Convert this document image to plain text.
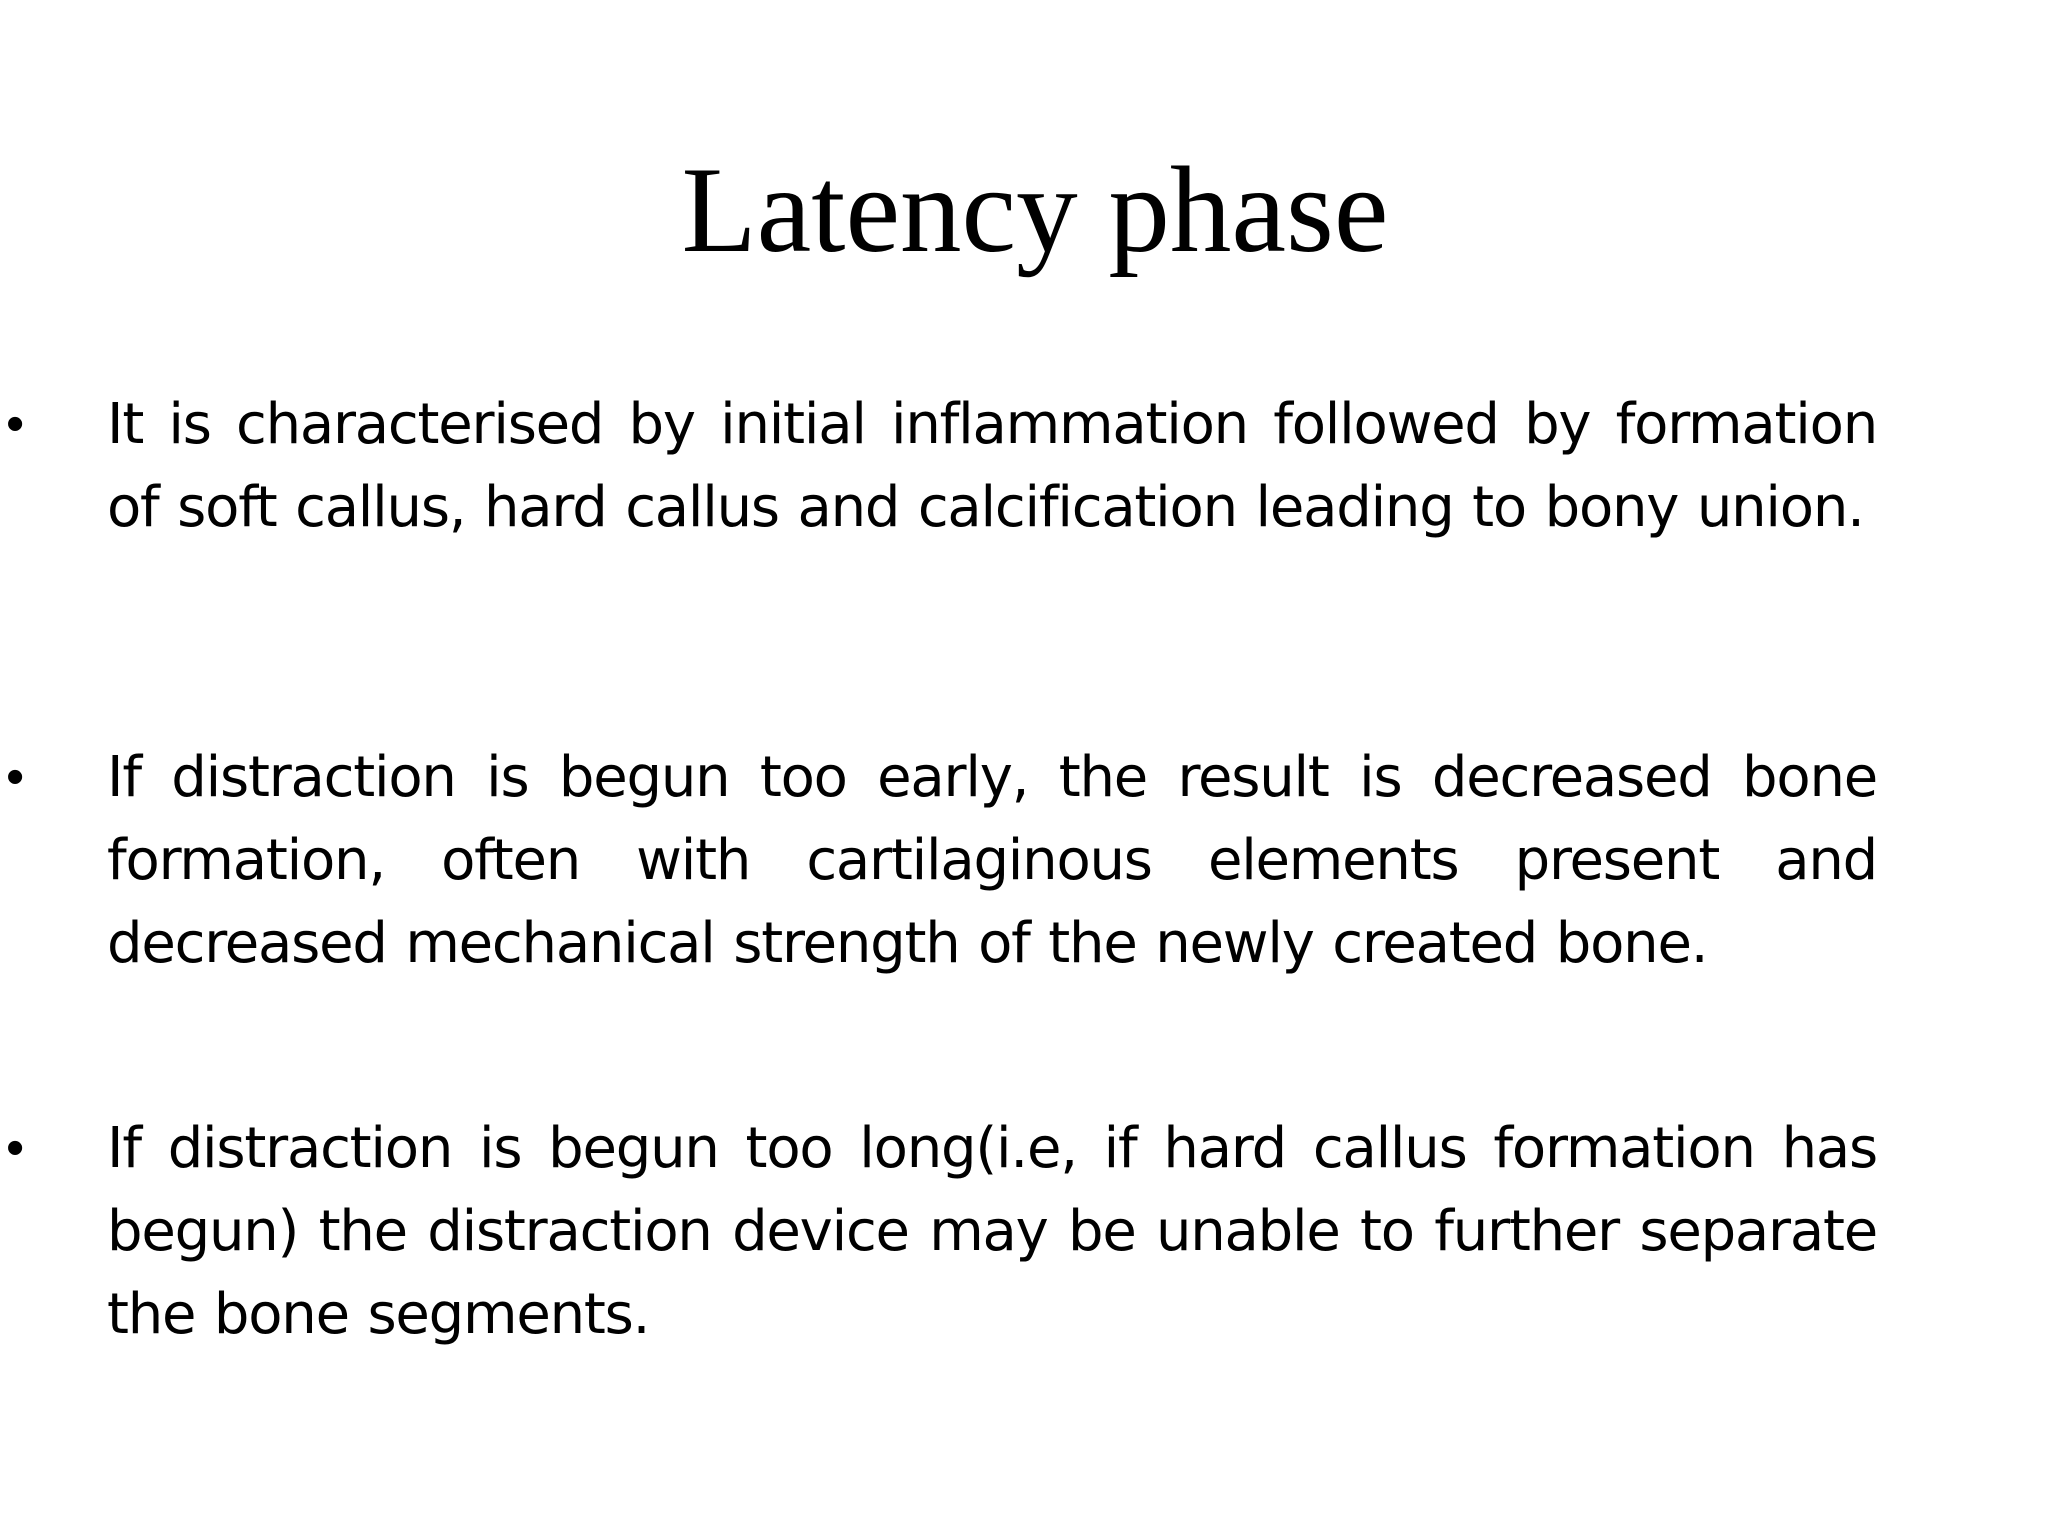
Latency phase
• It is characterised by initial inflammation followed by formation of soft callus, hard callus and calcification leading to bony union.
• If distraction is begun too early, the result is decreased bone formation, often with cartilaginous elements present and decreased mechanical strength of the newly created bone.
• If distraction is begun too long(i.e, if hard callus formation has begun) the distraction device may be unable to further separate the bone segments.
